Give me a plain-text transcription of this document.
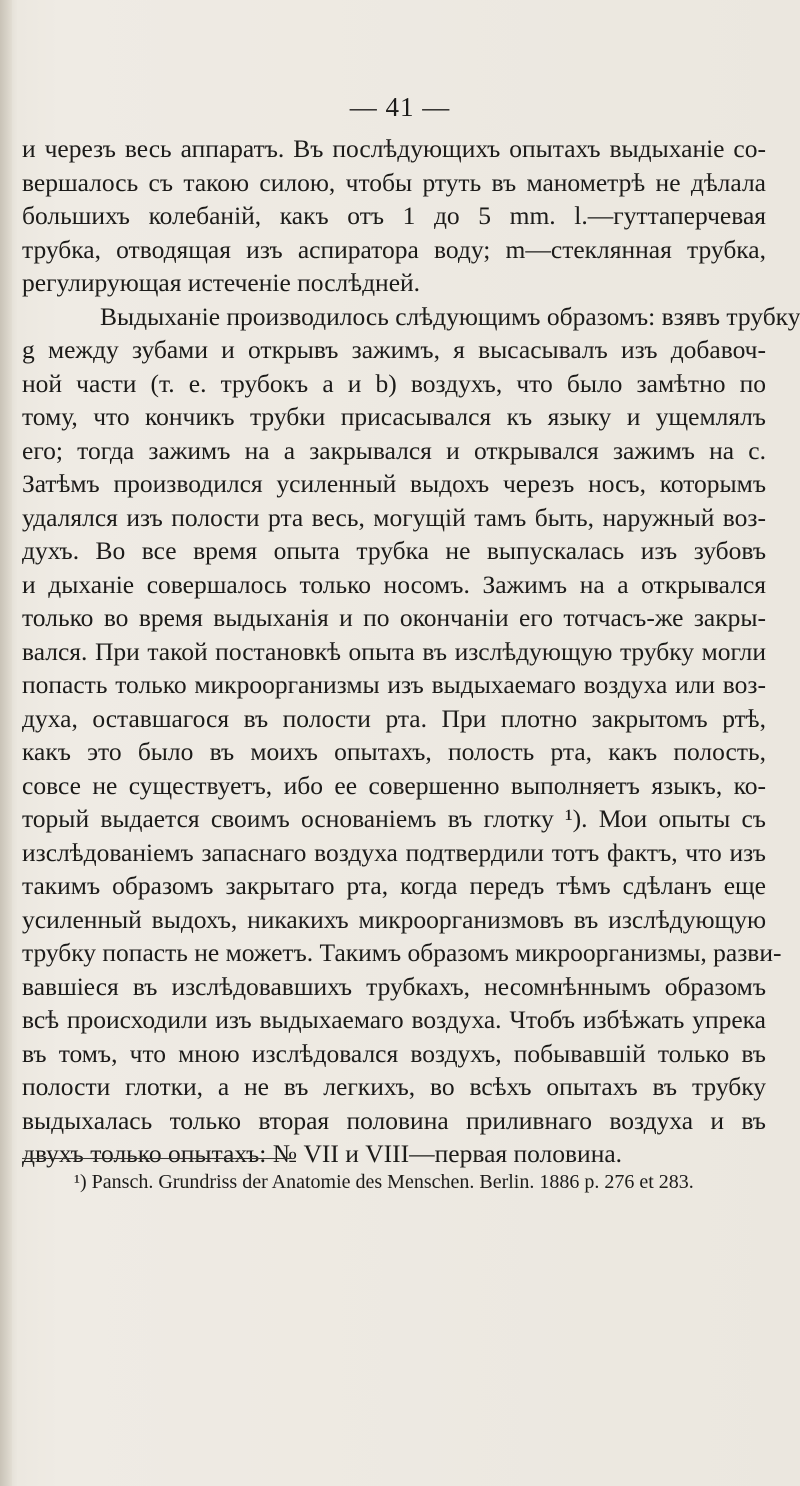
— 41 —
и черезъ весь аппаратъ. Въ послѣдующихъ опытахъ выдыханіе со-
вершалось съ такою силою, чтобы ртуть въ манометрѣ не дѣлала
большихъ колебаній, какъ отъ 1 до 5 mm. l.—гуттаперчевая
трубка, отводящая изъ аспиратора воду; m—стеклянная трубка,
регулирующая истеченіе послѣдней.
Выдыханіе производилось слѣдующимъ образомъ: взявъ трубку
g между зубами и открывъ зажимъ, я высасывалъ изъ добавоч-
ной части (т. е. трубокъ a и b) воздухъ, что было замѣтно по
тому, что кончикъ трубки присасывался къ языку и ущемлялъ
его; тогда зажимъ на a закрывался и открывался зажимъ на c.
Затѣмъ производился усиленный выдохъ черезъ носъ, которымъ
удалялся изъ полости рта весь, могущій тамъ быть, наружный воз-
духъ. Во все время опыта трубка не выпускалась изъ зубовъ
и дыханіе совершалось только носомъ. Зажимъ на a открывался
только во время выдыханія и по окончаніи его тотчасъ-же закры-
вался. При такой постановкѣ опыта въ изслѣдующую трубку могли
попасть только микроорганизмы изъ выдыхаемаго воздуха или воз-
духа, оставшагося въ полости рта. При плотно закрытомъ ртѣ,
какъ это было въ моихъ опытахъ, полость рта, какъ полость,
совсе не существуетъ, ибо ее совершенно выполняетъ языкъ, ко-
торый выдается своимъ основаніемъ въ глотку ¹). Мои опыты съ
изслѣдованіемъ запаснаго воздуха подтвердили тотъ фактъ, что изъ
такимъ образомъ закрытаго рта, когда передъ тѣмъ сдѣланъ еще
усиленный выдохъ, никакихъ микроорганизмовъ въ изслѣдующую
трубку попасть не можетъ. Такимъ образомъ микроорганизмы, разви-
вавшіеся въ изслѣдовавшихъ трубкахъ, несомнѣннымъ образомъ
всѣ происходили изъ выдыхаемаго воздуха. Чтобъ избѣжать упрека
въ томъ, что мною изслѣдовался воздухъ, побывавшій только въ
полости глотки, а не въ легкихъ, во всѣхъ опытахъ въ трубку
выдыхалась только вторая половина приливнаго воздуха и въ
двухъ только опытахъ: № VII и VIII—первая половина.
¹) Pansch. Grundriss der Anatomie des Menschen. Berlin. 1886 p. 276 et 283.
